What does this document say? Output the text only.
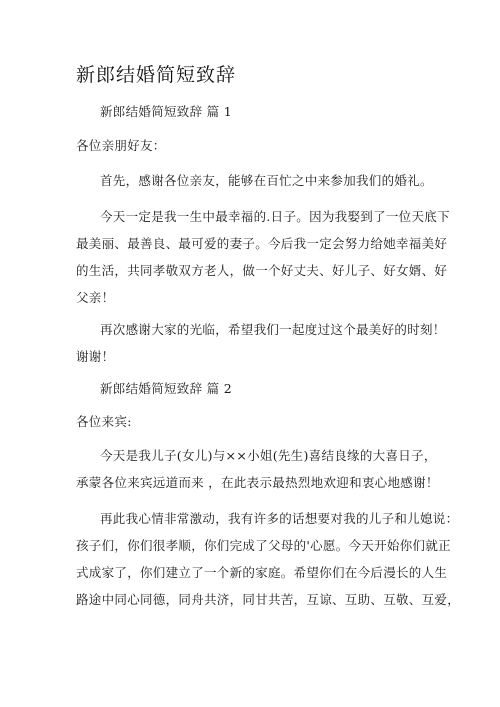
新郎结婚简短致辞
新郎结婚简短致辞 篇 1
各位亲朋好友：
首先，感谢各位亲友，能够在百忙之中来参加我们的婚礼。
今天一定是我一生中最幸福的.日子。因为我娶到了一位天底下
最美丽、最善良、最可爱的妻子。今后我一定会努力给她幸福美好
的生活，共同孝敬双方老人，做一个好丈夫、好儿子、好女婿、好
父亲！
再次感谢大家的光临，希望我们一起度过这个最美好的时刻！
谢谢！
新郎结婚简短致辞 篇 2
各位来宾:
今天是我儿子(女儿)与××小姐(先生)喜结良缘的大喜日子，
承蒙各位来宾远道而来 ，在此表示最热烈地欢迎和衷心地感谢！
再此我心情非常激动，我有许多的话想要对我的儿子和儿媳说：
孩子们，你们很孝顺，你们完成了父母的'心愿。今天开始你们就正
式成家了，你们建立了一个新的家庭。希望你们在今后漫长的人生
路途中同心同德，同舟共济，同甘共苦，互谅、互助、互敬、互爱，
